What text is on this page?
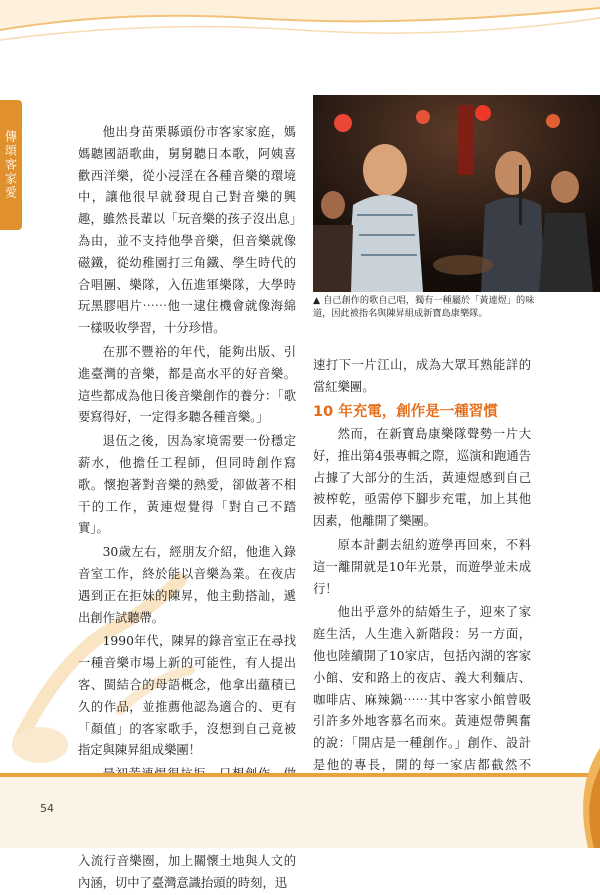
傳頌客家愛	他出身苗栗縣頭份市客家家庭，媽媽聽國語歌曲，舅舅聽日本歌，阿姨喜歡西洋樂，從小浸淫在各種音樂的環境中，讓他很早就發現自己對音樂的興趣，雖然長輩以「玩音樂的孩子沒出息」為由，並不支持他學音樂，但音樂就像磁鐵，從幼稚園打三角鐵、學生時代的合唱團、樂隊，入伍進軍樂隊，大學時玩黑膠唱片⋯⋯他一逮住機會就像海綿一樣吸收學習，十分珍惜。

在那不豐裕的年代，能夠出版、引進臺灣的音樂，都是高水平的好音樂。這些都成為他日後音樂創作的養分：「歌要寫得好，一定得多聽各種音樂。」

退伍之後，因為家境需要一份穩定薪水，他擔任工程師，但同時創作寫歌。懷抱著對音樂的熱愛，卻做著不相干的工作，黃連煜覺得「對自己不踏實」。

30歲左右，經朋友介紹，他進入錄音室工作，終於能以音樂為業。在夜店遇到正在拒妹的陳昇，他主動搭訕，遞出創作試聽帶。

1990年代，陳昇的錄音室正在尋找一種音樂市場上新的可能性，有人提出客、閩結合的母語概念，他拿出蘊積已久的作品，並推薦他認為適合的、更有「顏值」的客家歌手，沒想到自己竟被指定與陳昇組成樂團！

入流行音樂圈，加上關懷土地與人文的內涵，切中了臺灣意識抬頭的時刻，迅

▲ 自己創作的歌自己唱，獨有一種屬於「黃連煜」的味道，因此被指名與陳昇組成新寶島康樂隊。

速打下一片江山，成為大眾耳熟能詳的當紅樂團。

10 年充電，創作是一種習慣

然而，在新寶島康樂隊聲勢一片大好，推出第4張專輯之際，巡演和跑通告占據了大部分的生活，黃連煜感到自己被榨乾，亟需停下腳步充電，加上其他因素，他離開了樂團。

原本計劃去紐約遊學再回來，不料這一離開就是10年光景，而遊學並未成行！

他出乎意外的結婚生子，迎來了家庭生活，人生進入新階段：另一方面，他也陸續開了10家店，包括內湖的客家小館、安和路上的夜店、義大利麵店、咖啡店、麻辣鍋⋯⋯其中客家小館曾吸引許多外地客慕名而來。黃連煜帶興奮的說：「開店是一種創作。」創作、設計是他的專長，開的每一家店都截然不

54
